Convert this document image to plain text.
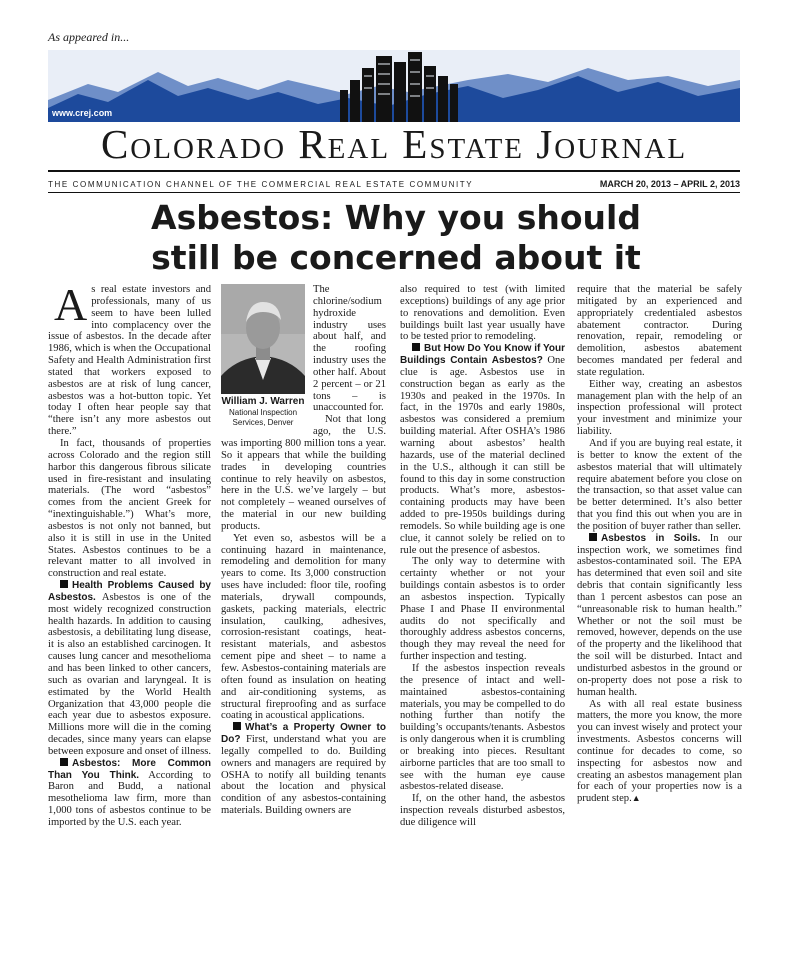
As appeared in...
www.crej.com
Colorado Real Estate Journal
THE COMMUNICATION CHANNEL OF THE COMMERCIAL REAL ESTATE COMMUNITY	MARCH 20, 2013 – APRIL 2, 2013
Asbestos: Why you should
still be concerned about it

As real estate investors and professionals, many of us seem to have been lulled into complacency over the issue of asbestos. In the decade after 1986, which is when the Occupational Safety and Health Administration first stated that workers exposed to asbestos are at risk of lung cancer, asbestos was a hot-button topic. Yet today I often hear people say that “there isn’t any more asbestos out there.”

In fact, thousands of properties across Colorado and the region still harbor this dangerous fibrous silicate used in fire-resistant and insulating materials. (The word “asbestos” comes from the ancient Greek for “inextinguishable.”) What’s more, asbestos is not only not banned, but also it is still in use in the United States. Asbestos continues to be a relevant matter to all involved in construction and real estate.

Health Problems Caused by Asbestos. Asbestos is one of the most widely recognized construction health hazards. In addition to causing asbestosis, a debilitating lung disease, it is also an established carcinogen. It causes lung cancer and mesothelioma and has been linked to other cancers, such as ovarian and laryngeal. It is estimated by the World Health Organization that 43,000 people die each year due to asbestos exposure. Millions more will die in the coming decades, since many years can elapse between exposure and onset of illness.

Asbestos: More Common Than You Think. According to Baron and Budd, a national mesothelioma law firm, more than 1,000 tons of asbestos continue to be imported by the U.S. each year.

William J. Warren
National Inspection
Services, Denver

The chlorine/sodium hydroxide industry uses about half, and the roofing industry uses the other half. About 2 percent – or 21 tons – is unaccounted for.

Not that long ago, the U.S. was importing 800 million tons a year. So it appears that while the building trades in developing countries continue to rely heavily on asbestos, here in the U.S. we’ve largely – but not completely – weaned ourselves of the material in our new building products.

Yet even so, asbestos will be a continuing hazard in maintenance, remodeling and demolition for many years to come. Its 3,000 construction uses have included: floor tile, roofing materials, drywall compounds, gaskets, packing materials, electric insulation, caulking, adhesives, corrosion-resistant coatings, heat-resistant materials, and asbestos cement pipe and sheet – to name a few. Asbestos-containing materials are often found as insulation on heating and air-conditioning systems, as structural fireproofing and as surface coating in acoustical applications.

What’s a Property Owner to Do? First, understand what you are legally compelled to do. Building owners and managers are required by OSHA to notify all building tenants about the location and physical condition of any asbestos-containing materials. Building owners are

also required to test (with limited exceptions) buildings of any age prior to renovations and demolition. Even buildings built last year usually have to be tested prior to remodeling.

But How Do You Know if Your Buildings Contain Asbestos? One clue is age. Asbestos use in construction began as early as the 1930s and peaked in the 1970s. In fact, in the 1970s and early 1980s, asbestos was considered a premium building material. After OSHA’s 1986 warning about asbestos’ health hazards, use of the material declined in the U.S., although it can still be found to this day in some construction products. What’s more, asbestos-containing products may have been added to pre-1950s buildings during remodels. So while building age is one clue, it cannot solely be relied on to rule out the presence of asbestos.

The only way to determine with certainty whether or not your buildings contain asbestos is to order an asbestos inspection. Typically Phase I and Phase II environmental audits do not specifically and thoroughly address asbestos concerns, though they may reveal the need for further inspection and testing.

If the asbestos inspection reveals the presence of intact and well-maintained asbestos-containing materials, you may be compelled to do nothing further than notify the building’s occupants/tenants. Asbestos is only dangerous when it is crumbling or breaking into pieces. Resultant airborne particles that are too small to see with the human eye cause asbestos-related disease.

If, on the other hand, the asbestos inspection reveals disturbed asbestos, due diligence will

require that the material be safely mitigated by an experienced and appropriately credentialed asbestos abatement contractor. During renovation, repair, remodeling or demolition, asbestos abatement becomes mandated per federal and state regulation.

Either way, creating an asbestos management plan with the help of an inspection professional will protect your investment and minimize your liability.

And if you are buying real estate, it is better to know the extent of the asbestos material that will ultimately require abatement before you close on the transaction, so that asset value can be better determined. It’s also better that you find this out when you are in the position of buyer rather than seller.

Asbestos in Soils. In our inspection work, we sometimes find asbestos-contaminated soil. The EPA has determined that even soil and site debris that contain significantly less than 1 percent asbestos can pose an “unreasonable risk to human health.” Whether or not the soil must be removed, however, depends on the use of the property and the likelihood that the soil will be disturbed. Intact and undisturbed asbestos in the ground or on-property does not pose a risk to human health.

As with all real estate business matters, the more you know, the more you can invest wisely and protect your investments. Asbestos concerns will continue for decades to come, so inspecting for asbestos now and creating an asbestos management plan for each of your properties now is a prudent step.▲
